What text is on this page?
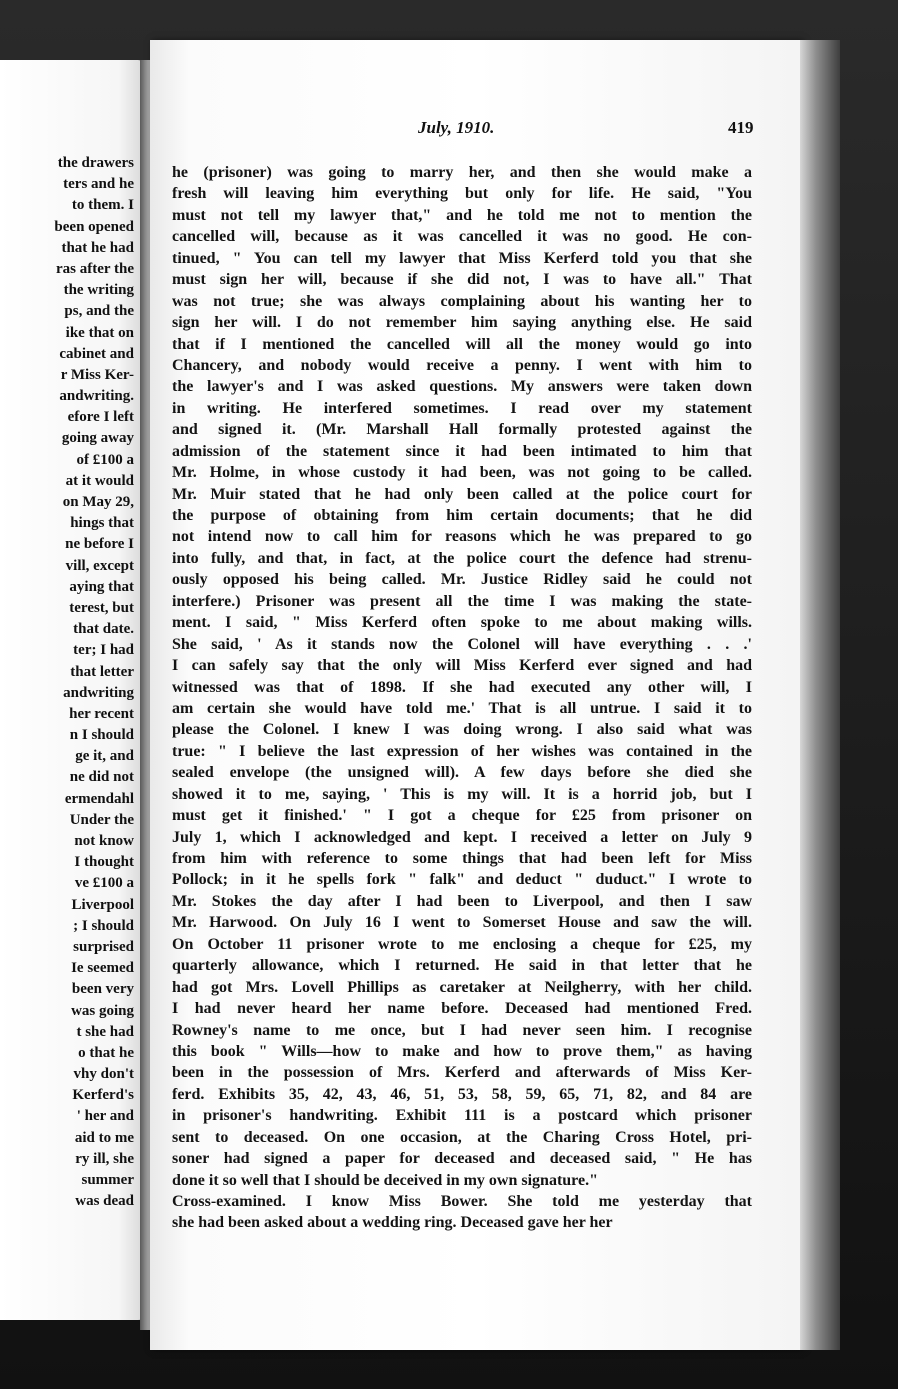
the drawers
ters and he
to them. I
been opened
that he had
ras after the
the writing
ps, and the
ike that on
cabinet and
r Miss Ker-
andwriting.
efore I left
going away
of £100 a
at it would
on May 29,
hings that
ne before I
vill, except
aying that
terest, but
that date.
ter; I had
that letter
andwriting
her recent
n I should
ge it, and
ne did not
ermendahl
Under the
not know
I thought
ve £100 a
Liverpool
; I should
surprised
Ie seemed
been very
was going
t she had
o that he
vhy don't
Kerferd's
' her and
aid to me
ry ill, she
summer
was dead
July, 1910.	419
he (prisoner) was going to marry her, and then she would make a
fresh will leaving him everything but only for life. He said, "You
must not tell my lawyer that," and he told me not to mention the
cancelled will, because as it was cancelled it was no good. He con-
tinued, " You can tell my lawyer that Miss Kerferd told you that she
must sign her will, because if she did not, I was to have all." That
was not true; she was always complaining about his wanting her to
sign her will. I do not remember him saying anything else. He said
that if I mentioned the cancelled will all the money would go into
Chancery, and nobody would receive a penny. I went with him to
the lawyer's and I was asked questions. My answers were taken down
in writing. He interfered sometimes. I read over my statement
and signed it. (Mr. Marshall Hall formally protested against the
admission of the statement since it had been intimated to him that
Mr. Holme, in whose custody it had been, was not going to be called.
Mr. Muir stated that he had only been called at the police court for
the purpose of obtaining from him certain documents; that he did
not intend now to call him for reasons which he was prepared to go
into fully, and that, in fact, at the police court the defence had strenu-
ously opposed his being called. Mr. Justice Ridley said he could not
interfere.) Prisoner was present all the time I was making the state-
ment. I said, " Miss Kerferd often spoke to me about making wills.
She said, ' As it stands now the Colonel will have everything . . .'
I can safely say that the only will Miss Kerferd ever signed and had
witnessed was that of 1898. If she had executed any other will, I
am certain she would have told me.' That is all untrue. I said it to
please the Colonel. I knew I was doing wrong. I also said what was
true: " I believe the last expression of her wishes was contained in the
sealed envelope (the unsigned will). A few days before she died she
showed it to me, saying, ' This is my will. It is a horrid job, but I
must get it finished.' " I got a cheque for £25 from prisoner on
July 1, which I acknowledged and kept. I received a letter on July 9
from him with reference to some things that had been left for Miss
Pollock; in it he spells fork " falk" and deduct " duduct." I wrote to
Mr. Stokes the day after I had been to Liverpool, and then I saw
Mr. Harwood. On July 16 I went to Somerset House and saw the will.
On October 11 prisoner wrote to me enclosing a cheque for £25, my
quarterly allowance, which I returned. He said in that letter that he
had got Mrs. Lovell Phillips as caretaker at Neilgherry, with her child.
I had never heard her name before. Deceased had mentioned Fred.
Rowney's name to me once, but I had never seen him. I recognise
this book " Wills—how to make and how to prove them," as having
been in the possession of Mrs. Kerferd and afterwards of Miss Ker-
ferd. Exhibits 35, 42, 43, 46, 51, 53, 58, 59, 65, 71, 82, and 84 are
in prisoner's handwriting. Exhibit 111 is a postcard which prisoner
sent to deceased. On one occasion, at the Charing Cross Hotel, pri-
soner had signed a paper for deceased and deceased said, " He has
done it so well that I should be deceived in my own signature."
Cross-examined. I know Miss Bower. She told me yesterday that
she had been asked about a wedding ring. Deceased gave her her
